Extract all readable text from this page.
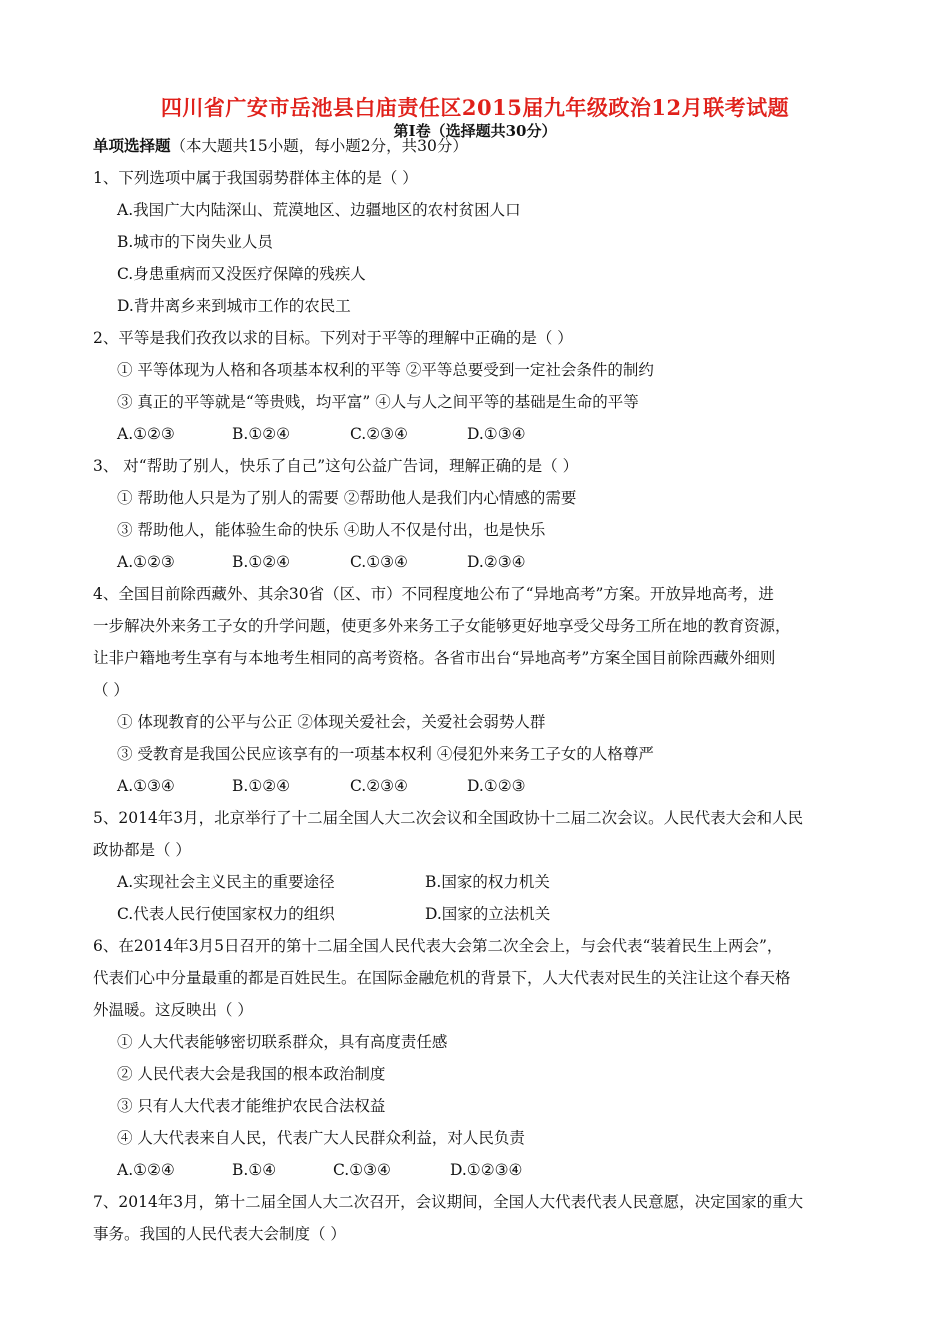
四川省广安市岳池县白庙责任区2015届九年级政治12月联考试题
第Ⅰ卷（选择题共30分）
单项选择题（本大题共15小题，每小题2分，共30分）
1、下列选项中属于我国弱势群体主体的是（ ）
A.我国广大内陆深山、荒漠地区、边疆地区的农村贫困人口
B.城市的下岗失业人员
C.身患重病而又没医疗保障的残疾人
D.背井离乡来到城市工作的农民工
2、平等是我们孜孜以求的目标。下列对于平等的理解中正确的是（ ）
① 平等体现为人格和各项基本权利的平等 ②平等总要受到一定社会条件的制约
③ 真正的平等就是“等贵贱，均平富” ④人与人之间平等的基础是生命的平等
A.①②③	B.①②④	C.②③④	D.①③④
3、 对“帮助了别人，快乐了自己”这句公益广告词，理解正确的是（ ）
① 帮助他人只是为了别人的需要 ②帮助他人是我们内心情感的需要
③ 帮助他人，能体验生命的快乐 ④助人不仅是付出，也是快乐
A.①②③	B.①②④	C.①③④	D.②③④
4、全国目前除西藏外、其余30省（区、市）不同程度地公布了“异地高考”方案。开放异地高考，进
一步解决外来务工子女的升学问题，使更多外来务工子女能够更好地享受父母务工所在地的教育资源，
让非户籍地考生享有与本地考生相同的高考资格。各省市出台“异地高考”方案全国目前除西藏外细则
（ ）
① 体现教育的公平与公正 ②体现关爱社会，关爱社会弱势人群
③ 受教育是我国公民应该享有的一项基本权利 ④侵犯外来务工子女的人格尊严
A.①③④	B.①②④	C.②③④	D.①②③
5、2014年3月，北京举行了十二届全国人大二次会议和全国政协十二届二次会议。人民代表大会和人民
政协都是（ ）
A.实现社会主义民主的重要途径	B.国家的权力机关
C.代表人民行使国家权力的组织	D.国家的立法机关
6、在2014年3月5日召开的第十二届全国人民代表大会第二次全会上，与会代表“装着民生上两会”，
代表们心中分量最重的都是百姓民生。在国际金融危机的背景下，人大代表对民生的关注让这个春天格
外温暖。这反映出（ ）
① 人大代表能够密切联系群众，具有高度责任感
② 人民代表大会是我国的根本政治制度
③ 只有人大代表才能维护农民合法权益
④ 人大代表来自人民，代表广大人民群众利益，对人民负责
A.①②④	B.①④	C.①③④	D.①②③④
7、2014年3月，第十二届全国人大二次召开，会议期间，全国人大代表代表人民意愿，决定国家的重大
事务。我国的人民代表大会制度（ ）
